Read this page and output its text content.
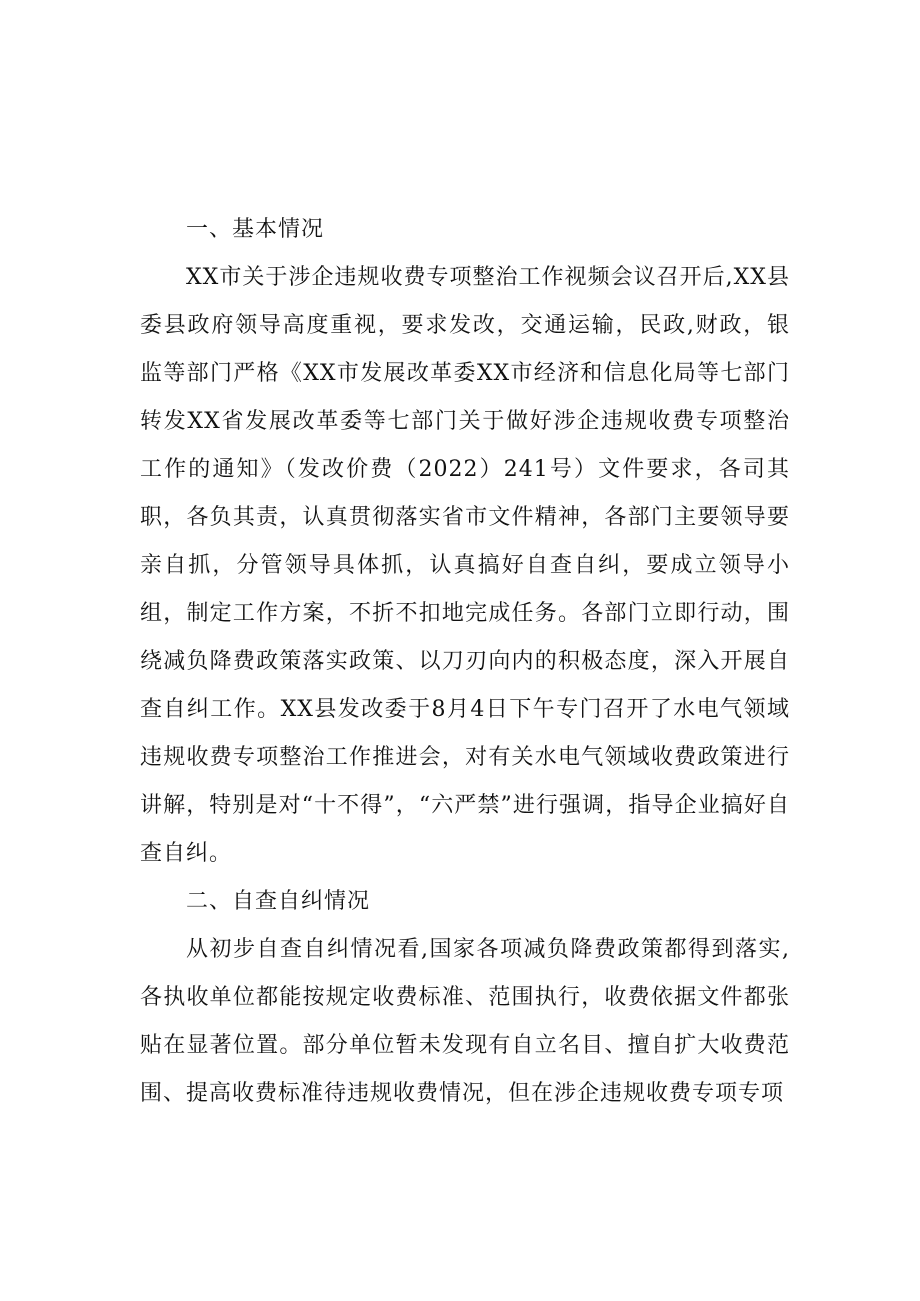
一、基本情况

XX市关于涉企违规收费专项整治工作视频会议召开后,XX县委县政府领导高度重视，要求发改，交通运输，民政,财政，银监等部门严格《XX市发展改革委XX市经济和信息化局等七部门转发XX省发展改革委等七部门关于做好涉企违规收费专项整治工作的通知》（发改价费（2022）241号）文件要求，各司其职，各负其责，认真贯彻落实省市文件精神，各部门主要领导要亲自抓，分管领导具体抓，认真搞好自查自纠，要成立领导小组，制定工作方案，不折不扣地完成任务。各部门立即行动，围绕减负降费政策落实政策、以刀刃向内的积极态度，深入开展自查自纠工作。XX县发改委于8月4日下午专门召开了水电气领域违规收费专项整治工作推进会，对有关水电气领域收费政策进行讲解，特别是对“十不得”，“六严禁”进行强调，指导企业搞好自查自纠。

二、自查自纠情况

从初步自查自纠情况看,国家各项减负降费政策都得到落实,各执收单位都能按规定收费标准、范围执行，收费依据文件都张贴在显著位置。部分单位暂未发现有自立名目、擅自扩大收费范围、提高收费标准待违规收费情况，但在涉企违规收费专项专项
